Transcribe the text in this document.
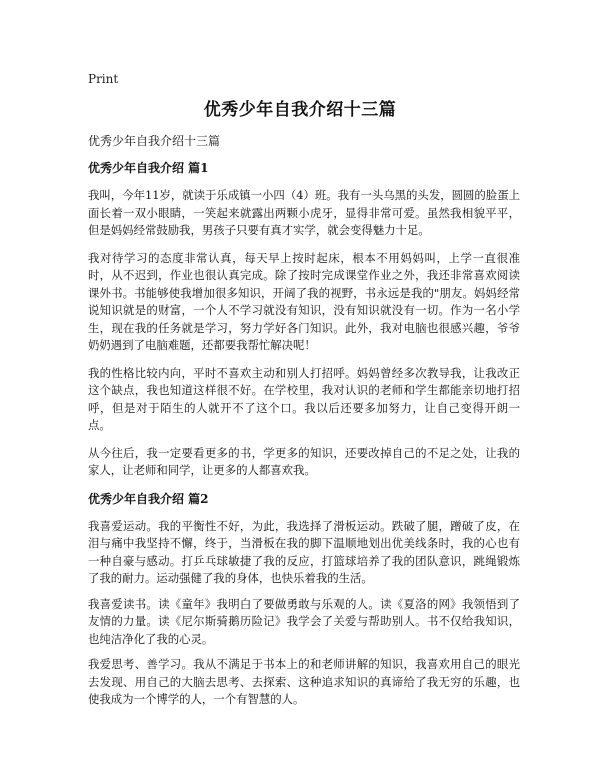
Print
优秀少年自我介绍十三篇

优秀少年自我介绍十三篇

优秀少年自我介绍 篇1

我叫，今年11岁，就读于乐成镇一小四（4）班。我有一头乌黑的头发，圆圆的脸蛋上面长着一双小眼睛，一笑起来就露出两颗小虎牙，显得非常可爱。虽然我相貌平平，但是妈妈经常鼓励我，男孩子只要有真才实学，就会变得魅力十足。

我对待学习的态度非常认真，每天早上按时起床，根本不用妈妈叫，上学一直很准时，从不迟到，作业也很认真完成。除了按时完成课堂作业之外，我还非常喜欢阅读课外书。书能够使我增加很多知识，开阔了我的视野，书永远是我的"朋友。妈妈经常说知识就是的财富，一个人不学习就没有知识，没有知识就没有一切。作为一名小学生，现在我的任务就是学习，努力学好各门知识。此外，我对电脑也很感兴趣，爷爷奶奶遇到了电脑难题，还都要我帮忙解决呢！

我的性格比较内向，平时不喜欢主动和别人打招呼。妈妈曾经多次教导我，让我改正这个缺点，我也知道这样很不好。在学校里，我对认识的老师和学生都能亲切地打招呼，但是对于陌生的人就开不了这个口。我以后还要多加努力，让自己变得开朗一点。

从今往后，我一定要看更多的书，学更多的知识，还要改掉自己的不足之处，让我的家人，让老师和同学，让更多的人都喜欢我。

优秀少年自我介绍 篇2

我喜爱运动。我的平衡性不好，为此，我选择了滑板运动。跌破了腿，蹭破了皮，在泪与痛中我坚持不懈，终于，当滑板在我的脚下温顺地划出优美线条时，我的心也有一种自豪与感动。打乒乓球敏捷了我的反应，打篮球培养了我的团队意识，跳绳锻炼了我的耐力。运动强健了我的身体，也快乐着我的生活。

我喜爱读书。读《童年》我明白了要做勇敢与乐观的人。读《夏洛的网》我领悟到了友情的力量。读《尼尔斯骑鹅历险记》我学会了关爱与帮助别人。书不仅给我知识，也纯洁净化了我的心灵。

我爱思考、善学习。我从不满足于书本上的和老师讲解的知识，我喜欢用自己的眼光去发现、用自己的大脑去思考、去探索、这种追求知识的真谛给了我无穷的乐趣，也使我成为一个博学的人，一个有智慧的人。
